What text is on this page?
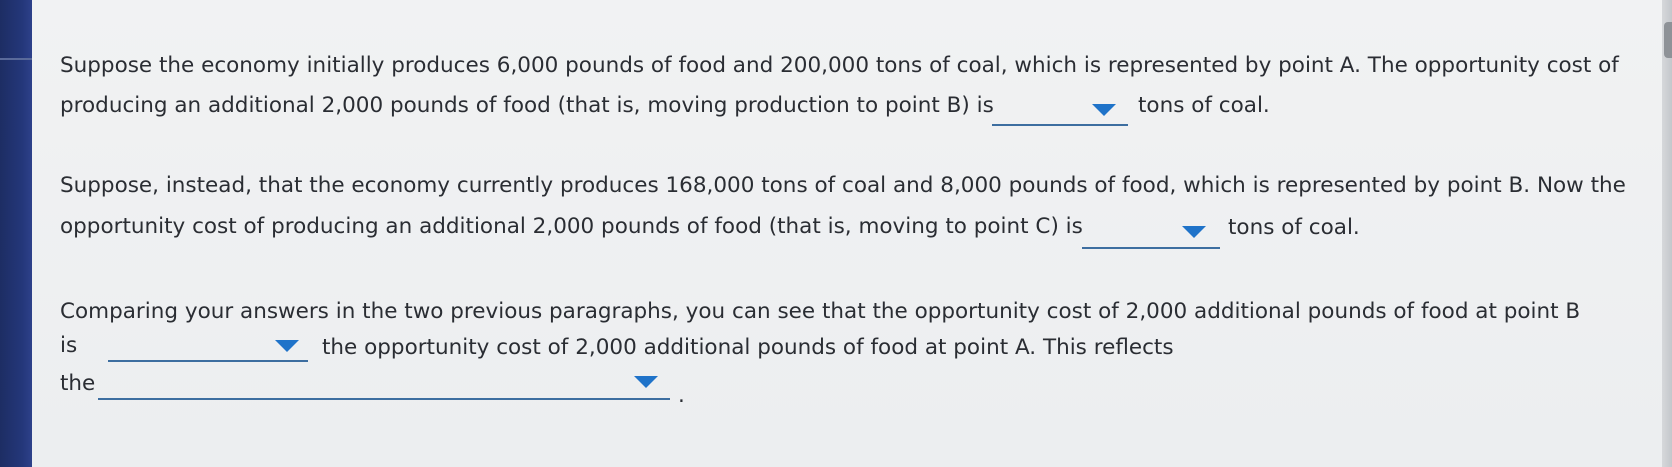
Suppose the economy initially produces 6,000 pounds of food and 200,000 tons of coal, which is represented by point A. The opportunity cost of
producing an additional 2,000 pounds of food (that is, moving production to point B) is	tons of coal.
Suppose, instead, that the economy currently produces 168,000 tons of coal and 8,000 pounds of food, which is represented by point B. Now the
opportunity cost of producing an additional 2,000 pounds of food (that is, moving to point C) is	tons of coal.
Comparing your answers in the two previous paragraphs, you can see that the opportunity cost of 2,000 additional pounds of food at point B
is	the opportunity cost of 2,000 additional pounds of food at point A. This reflects
the	.
